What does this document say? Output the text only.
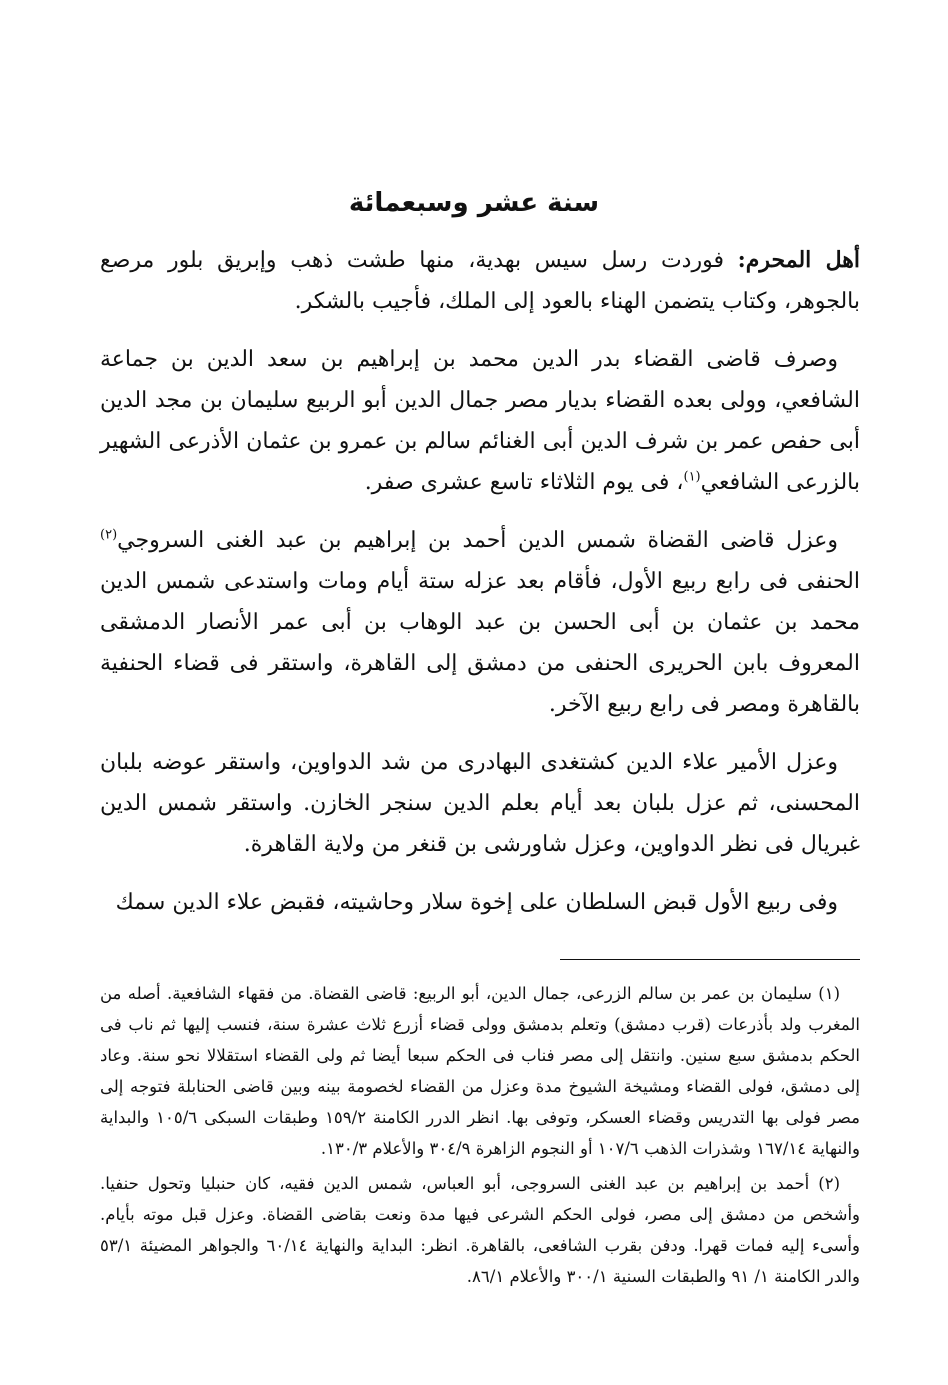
سنة عشر وسبعمائة

أهل المحرم: فوردت رسل سيس بهدية، منها طشت ذهب وإبريق بلور مرصع بالجوهر، وكتاب يتضمن الهناء بالعود إلى الملك، فأجيب بالشكر.

وصرف قاضى القضاء بدر الدين محمد بن إبراهيم بن سعد الدين بن جماعة الشافعي، وولى بعده القضاء بديار مصر جمال الدين أبو الربيع سليمان بن مجد الدين أبى حفص عمر بن شرف الدين أبى الغنائم سالم بن عمرو بن عثمان الأذرعى الشهير بالزرعى الشافعي$^{(١)}$، فى يوم الثلاثاء تاسع عشرى صفر.

وعزل قاضى القضاة شمس الدين أحمد بن إبراهيم بن عبد الغنى السروجي$^{(٢)}$ الحنفى فى رابع ربيع الأول، فأقام بعد عزله ستة أيام ومات واستدعى شمس الدين محمد بن عثمان بن أبى الحسن بن عبد الوهاب بن أبى عمر الأنصار الدمشقى المعروف بابن الحريرى الحنفى من دمشق إلى القاهرة، واستقر فى قضاء الحنفية بالقاهرة ومصر فى رابع ربيع الآخر.

وعزل الأمير علاء الدين كشتغدى البهادرى من شد الدواوين، واستقر عوضه بلبان المحسنى، ثم عزل بلبان بعد أيام بعلم الدين سنجر الخازن. واستقر شمس الدين غبريال فى نظر الدواوين، وعزل شاورشى بن قنغر من ولاية القاهرة.

وفى ربيع الأول قبض السلطان على إخوة سلار وحاشيته، فقبض علاء الدين سمك

(١) سليمان بن عمر بن سالم الزرعى، جمال الدين، أبو الربيع: قاضى القضاة. من فقهاء الشافعية. أصله من المغرب ولد بأذرعات (قرب دمشق) وتعلم بدمشق وولى قضاء أزرع ثلاث عشرة سنة، فنسب إليها ثم ناب فى الحكم بدمشق سبع سنين. وانتقل إلى مصر فناب فى الحكم سبعا أيضا ثم ولى القضاء استقلالا نحو سنة. وعاد إلى دمشق، فولى القضاء ومشيخة الشيوخ مدة وعزل من القضاء لخصومة بينه وبين قاضى الحنابلة فتوجه إلى مصر فولى بها التدريس وقضاء العسكر، وتوفى بها. انظر الدرر الكامنة ١٥٩/٢ وطبقات السبكى ١٠٥/٦ والبداية والنهاية ١٦٧/١٤ وشذرات الذهب ١٠٧/٦ أو النجوم الزاهرة ٣٠٤/٩ والأعلام ١٣٠/٣.

(٢) أحمد بن إبراهيم بن عبد الغنى السروجى، أبو العباس، شمس الدين فقيه، كان حنبليا وتحول حنفيا. وأشخص من دمشق إلى مصر، فولى الحكم الشرعى فيها مدة ونعت بقاضى القضاة. وعزل قبل موته بأيام. وأسىء إليه فمات قهرا. ودفن بقرب الشافعى، بالقاهرة. انظر: البداية والنهاية ٦٠/١٤ والجواهر المضيئة ٥٣/١ والدر الكامنة ١/ ٩١ والطبقات السنية ٣٠٠/١ والأعلام ٨٦/١.
